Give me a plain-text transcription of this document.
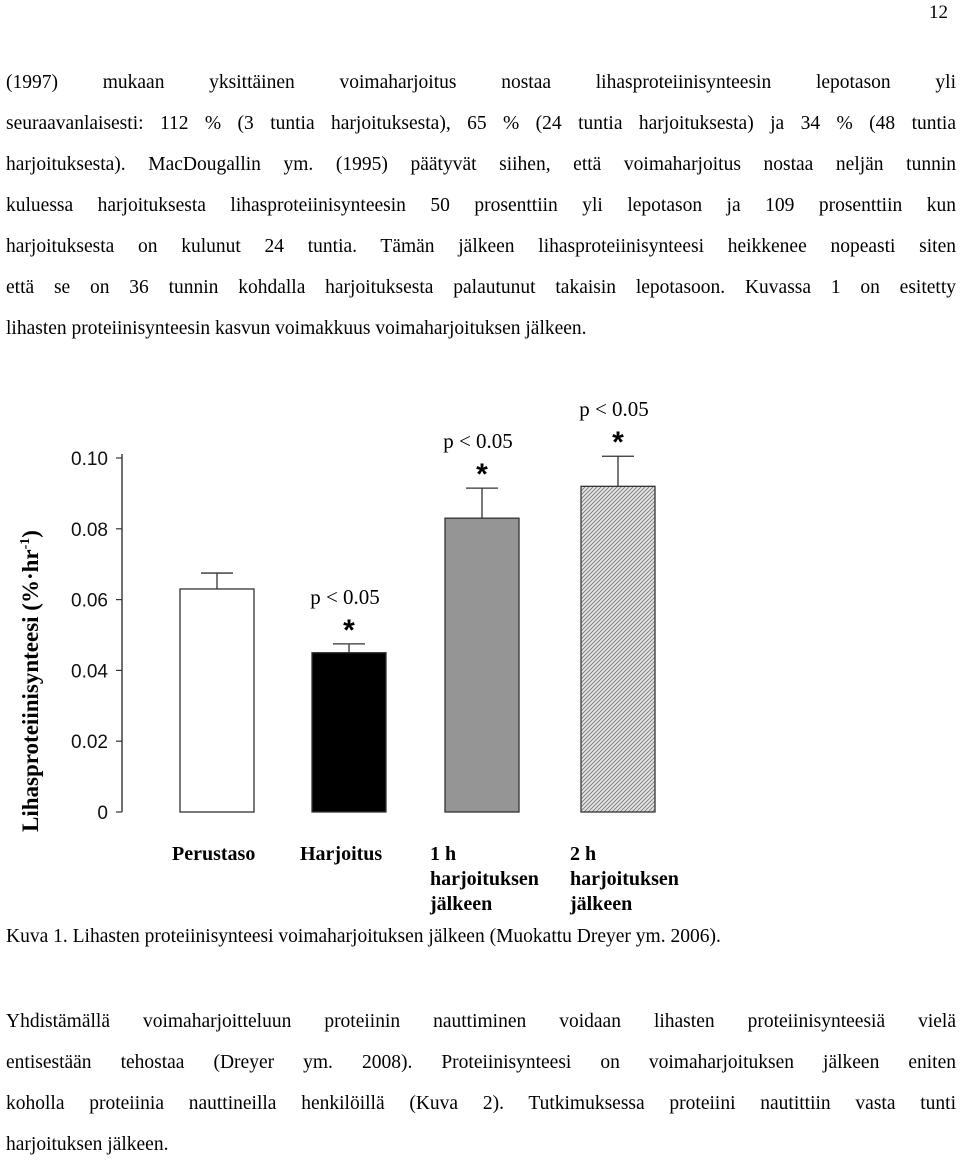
12

(1997) mukaan yksittäinen voimaharjoitus nostaa lihasproteiinisynteesin lepotason yli
seuraavanlaisesti: 112 % (3 tuntia harjoituksesta), 65 % (24 tuntia harjoituksesta) ja 34 % (48 tuntia
harjoituksesta). MacDougallin ym. (1995) päätyvät siihen, että voimaharjoitus nostaa neljän tunnin
kuluessa harjoituksesta lihasproteiinisynteesin 50 prosenttiin yli lepotason ja 109 prosenttiin kun
harjoituksesta on kulunut 24 tuntia. Tämän jälkeen lihasproteiinisynteesi heikkenee nopeasti siten
että se on 36 tunnin kohdalla harjoituksesta palautunut takaisin lepotasoon. Kuvassa 1 on esitetty
lihasten proteiinisynteesin kasvun voimakkuus voimaharjoituksen jälkeen.

0
0.02
0.04
0.06
0.08
0.10
Lihasproteiinisynteesi $(\%\cdot hr^{-1})$
Perustaso
p < 0.05
*
Harjoitus
p < 0.05
*
1 h
harjoituksen
jälkeen
p < 0.05
*
2 h
harjoituksen
jälkeen
Kuva 1. Lihasten proteiinisynteesi voimaharjoituksen jälkeen (Muokattu Dreyer ym. 2006).

Yhdistämällä voimaharjoitteluun proteiinin nauttiminen voidaan lihasten proteiinisynteesiä vielä
entisestään tehostaa (Dreyer ym. 2008). Proteiinisynteesi on voimaharjoituksen jälkeen eniten
koholla proteiinia nauttineilla henkilöillä (Kuva 2). Tutkimuksessa proteiini nautittiin vasta tunti
harjoituksen jälkeen.
